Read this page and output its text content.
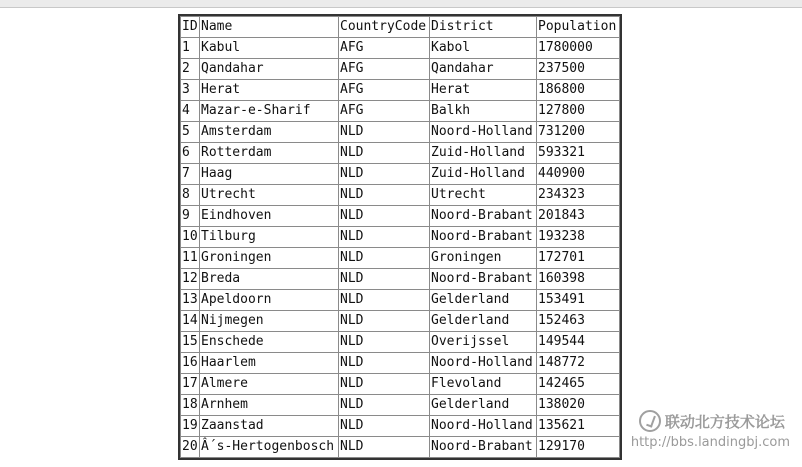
ID	Name	CountryCode	District	Population
1	Kabul	AFG	Kabol	1780000
2	Qandahar	AFG	Qandahar	237500
3	Herat	AFG	Herat	186800
4	Mazar-e-Sharif	AFG	Balkh	127800
5	Amsterdam	NLD	Noord-Holland	731200
6	Rotterdam	NLD	Zuid-Holland	593321
7	Haag	NLD	Zuid-Holland	440900
8	Utrecht	NLD	Utrecht	234323
9	Eindhoven	NLD	Noord-Brabant	201843
10	Tilburg	NLD	Noord-Brabant	193238
11	Groningen	NLD	Groningen	172701
12	Breda	NLD	Noord-Brabant	160398
13	Apeldoorn	NLD	Gelderland	153491
14	Nijmegen	NLD	Gelderland	152463
15	Enschede	NLD	Overijssel	149544
16	Haarlem	NLD	Noord-Holland	148772
17	Almere	NLD	Flevoland	142465
18	Arnhem	NLD	Gelderland	138020
19	Zaanstad	NLD	Noord-Holland	135621
20	Â´s-Hertogenbosch	NLD	Noord-Brabant	129170
联动北方技术论坛
http://bbs.landingbj.com
